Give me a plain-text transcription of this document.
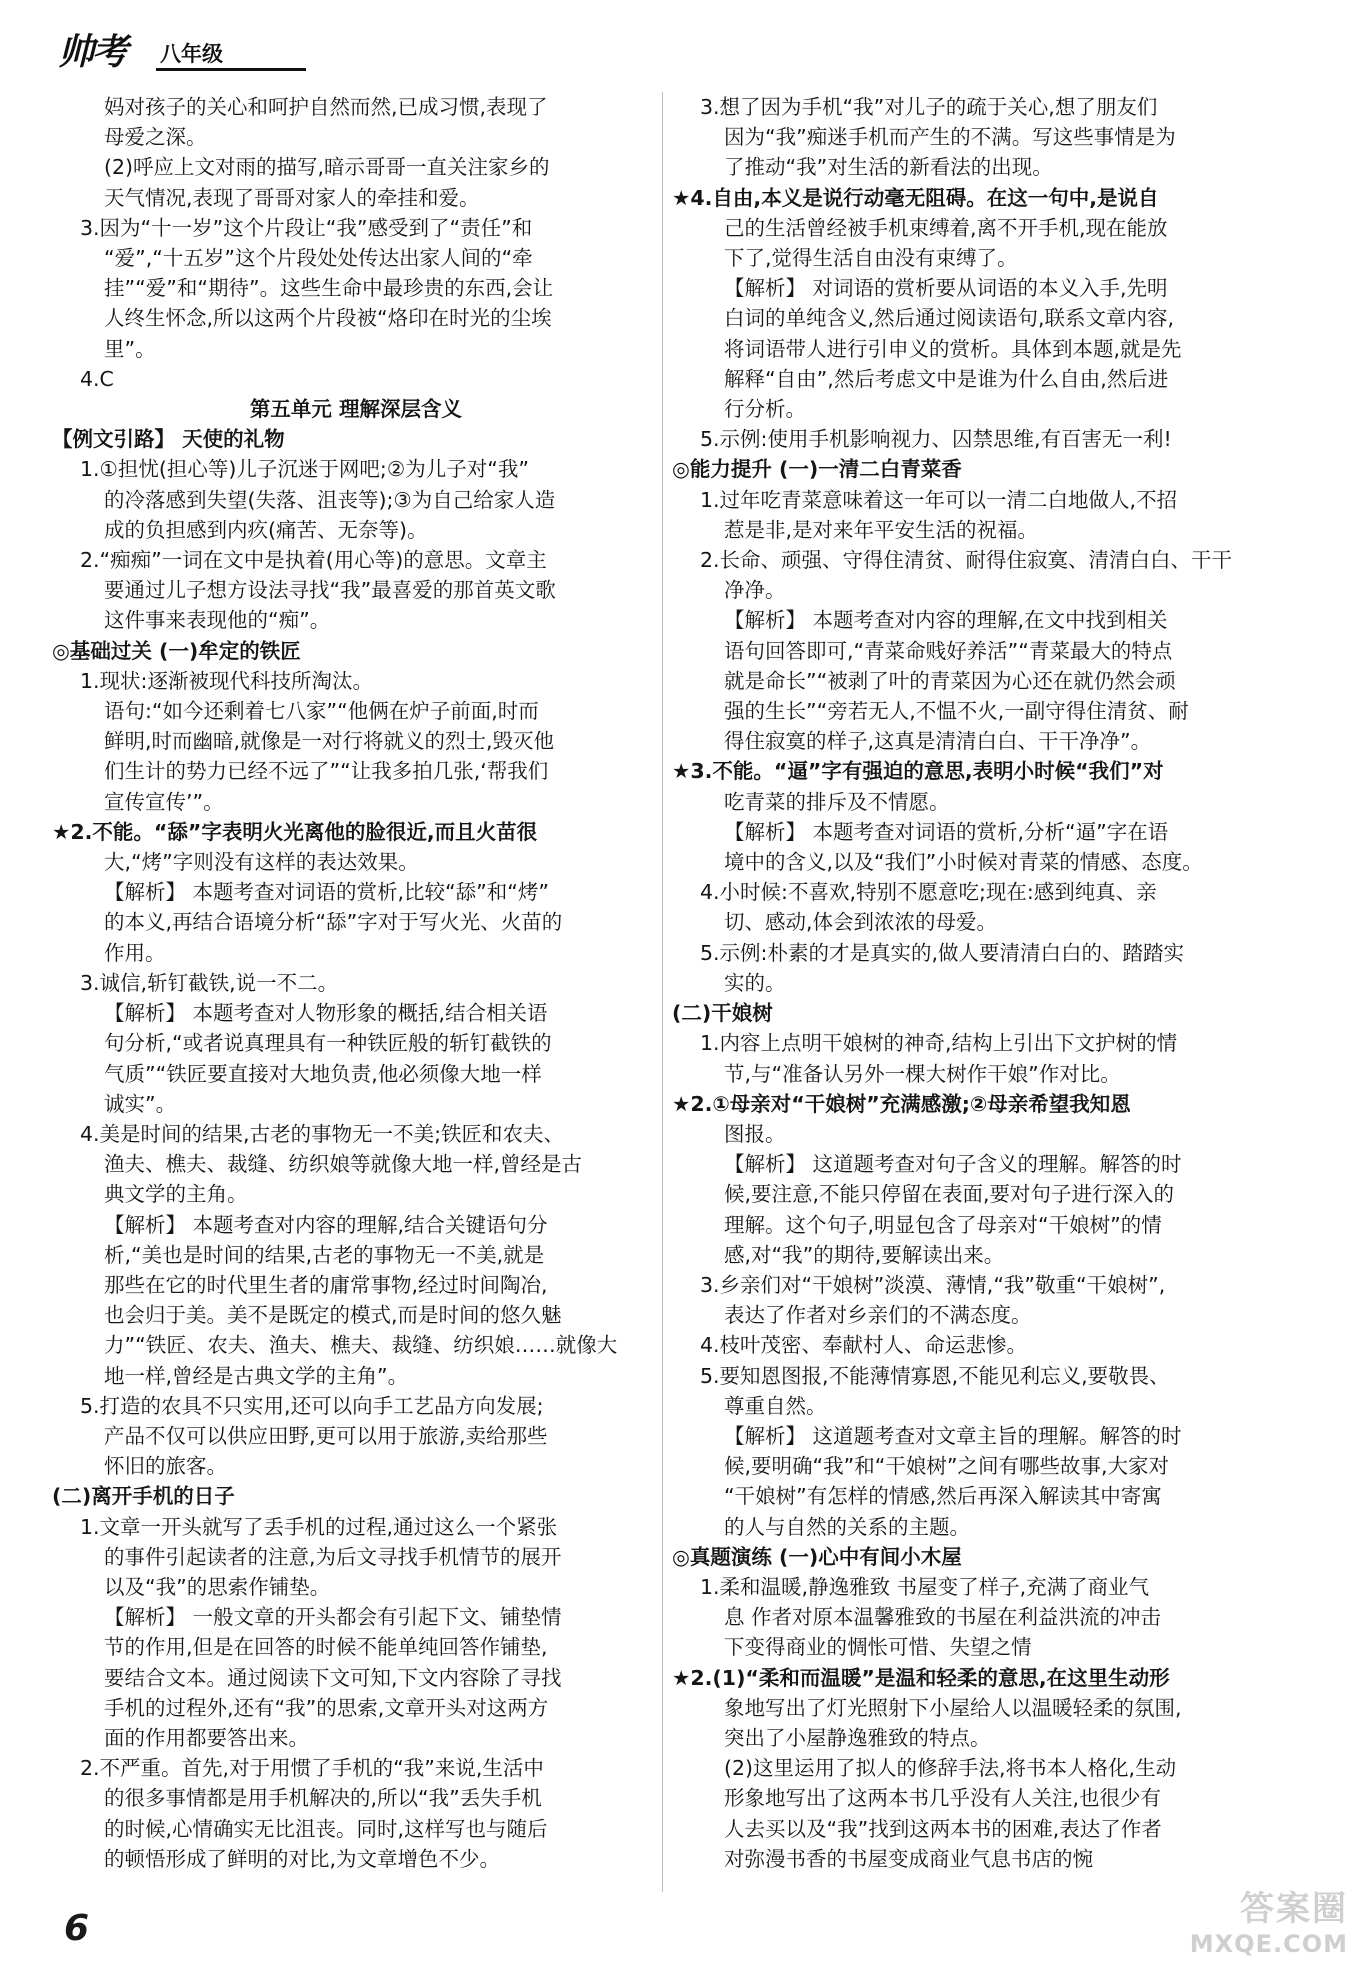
帅考 八年级
妈对孩子的关心和呵护自然而然,已成习惯,表现了
母爱之深。
(2)呼应上文对雨的描写,暗示哥哥一直关注家乡的
天气情况,表现了哥哥对家人的牵挂和爱。
3.因为“十一岁”这个片段让“我”感受到了“责任”和
“爱”,“十五岁”这个片段处处传达出家人间的“牵
挂”“爱”和“期待”。这些生命中最珍贵的东西,会让
人终生怀念,所以这两个片段被“烙印在时光的尘埃
里”。
4.C
第五单元 理解深层含义
【例文引路】 天使的礼物
1.①担忧(担心等)儿子沉迷于网吧;②为儿子对“我”
的冷落感到失望(失落、沮丧等);③为自己给家人造
成的负担感到内疚(痛苦、无奈等)。
2.“痴痴”一词在文中是执着(用心等)的意思。文章主
要通过儿子想方设法寻找“我”最喜爱的那首英文歌
这件事来表现他的“痴”。
◎基础过关 (一)牟定的铁匠
1.现状:逐渐被现代科技所淘汰。
语句:“如今还剩着七八家”“他俩在炉子前面,时而
鲜明,时而幽暗,就像是一对行将就义的烈士,毁灭他
们生计的势力已经不远了”“让我多拍几张,‘帮我们
宣传宣传’”。
★2.不能。“舔”字表明火光离他的脸很近,而且火苗很
大,“烤”字则没有这样的表达效果。
【解析】 本题考查对词语的赏析,比较“舔”和“烤”
的本义,再结合语境分析“舔”字对于写火光、火苗的
作用。
3.诚信,斩钉截铁,说一不二。
【解析】 本题考查对人物形象的概括,结合相关语
句分析,“或者说真理具有一种铁匠般的斩钉截铁的
气质”“铁匠要直接对大地负责,他必须像大地一样
诚实”。
4.美是时间的结果,古老的事物无一不美;铁匠和农夫、
渔夫、樵夫、裁缝、纺织娘等就像大地一样,曾经是古
典文学的主角。
【解析】 本题考查对内容的理解,结合关键语句分
析,“美也是时间的结果,古老的事物无一不美,就是
那些在它的时代里生者的庸常事物,经过时间陶冶,
也会归于美。美不是既定的模式,而是时间的悠久魅
力”“铁匠、农夫、渔夫、樵夫、裁缝、纺织娘……就像大
地一样,曾经是古典文学的主角”。
5.打造的农具不只实用,还可以向手工艺品方向发展;
产品不仅可以供应田野,更可以用于旅游,卖给那些
怀旧的旅客。
(二)离开手机的日子
1.文章一开头就写了丢手机的过程,通过这么一个紧张
的事件引起读者的注意,为后文寻找手机情节的展开
以及“我”的思索作铺垫。
【解析】 一般文章的开头都会有引起下文、铺垫情
节的作用,但是在回答的时候不能单纯回答作铺垫,
要结合文本。通过阅读下文可知,下文内容除了寻找
手机的过程外,还有“我”的思索,文章开头对这两方
面的作用都要答出来。
2.不严重。首先,对于用惯了手机的“我”来说,生活中
的很多事情都是用手机解决的,所以“我”丢失手机
的时候,心情确实无比沮丧。同时,这样写也与随后
的顿悟形成了鲜明的对比,为文章增色不少。
3.想了因为手机“我”对儿子的疏于关心,想了朋友们
因为“我”痴迷手机而产生的不满。写这些事情是为
了推动“我”对生活的新看法的出现。
★4.自由,本义是说行动毫无阻碍。在这一句中,是说自
己的生活曾经被手机束缚着,离不开手机,现在能放
下了,觉得生活自由没有束缚了。
【解析】 对词语的赏析要从词语的本义入手,先明
白词的单纯含义,然后通过阅读语句,联系文章内容,
将词语带人进行引申义的赏析。具体到本题,就是先
解释“自由”,然后考虑文中是谁为什么自由,然后进
行分析。
5.示例:使用手机影响视力、囚禁思维,有百害无一利!
◎能力提升 (一)一清二白青菜香
1.过年吃青菜意味着这一年可以一清二白地做人,不招
惹是非,是对来年平安生活的祝福。
2.长命、顽强、守得住清贫、耐得住寂寞、清清白白、干干
净净。
【解析】 本题考查对内容的理解,在文中找到相关
语句回答即可,“青菜命贱好养活”“青菜最大的特点
就是命长”“被剥了叶的青菜因为心还在就仍然会顽
强的生长”“旁若无人,不愠不火,一副守得住清贫、耐
得住寂寞的样子,这真是清清白白、干干净净”。
★3.不能。“逼”字有强迫的意思,表明小时候“我们”对
吃青菜的排斥及不情愿。
【解析】 本题考查对词语的赏析,分析“逼”字在语
境中的含义,以及“我们”小时候对青菜的情感、态度。
4.小时候:不喜欢,特别不愿意吃;现在:感到纯真、亲
切、感动,体会到浓浓的母爱。
5.示例:朴素的才是真实的,做人要清清白白的、踏踏实
实的。
(二)干娘树
1.内容上点明干娘树的神奇,结构上引出下文护树的情
节,与“准备认另外一棵大树作干娘”作对比。
★2.①母亲对“干娘树”充满感激;②母亲希望我知恩
图报。
【解析】 这道题考查对句子含义的理解。解答的时
候,要注意,不能只停留在表面,要对句子进行深入的
理解。这个句子,明显包含了母亲对“干娘树”的情
感,对“我”的期待,要解读出来。
3.乡亲们对“干娘树”淡漠、薄情,“我”敬重“干娘树”,
表达了作者对乡亲们的不满态度。
4.枝叶茂密、奉献村人、命运悲惨。
5.要知恩图报,不能薄情寡恩,不能见利忘义,要敬畏、
尊重自然。
【解析】 这道题考查对文章主旨的理解。解答的时
候,要明确“我”和“干娘树”之间有哪些故事,大家对
“干娘树”有怎样的情感,然后再深入解读其中寄寓
的人与自然的关系的主题。
◎真题演练 (一)心中有间小木屋
1.柔和温暖,静逸雅致 书屋变了样子,充满了商业气
息 作者对原本温馨雅致的书屋在利益洪流的冲击
下变得商业的惆怅可惜、失望之情
★2.(1)“柔和而温暖”是温和轻柔的意思,在这里生动形
象地写出了灯光照射下小屋给人以温暖轻柔的氛围,
突出了小屋静逸雅致的特点。
(2)这里运用了拟人的修辞手法,将书本人格化,生动
形象地写出了这两本书几乎没有人关注,也很少有
人去买以及“我”找到这两本书的困难,表达了作者
对弥漫书香的书屋变成商业气息书店的惋
6	答案圈
MXQE.COM
